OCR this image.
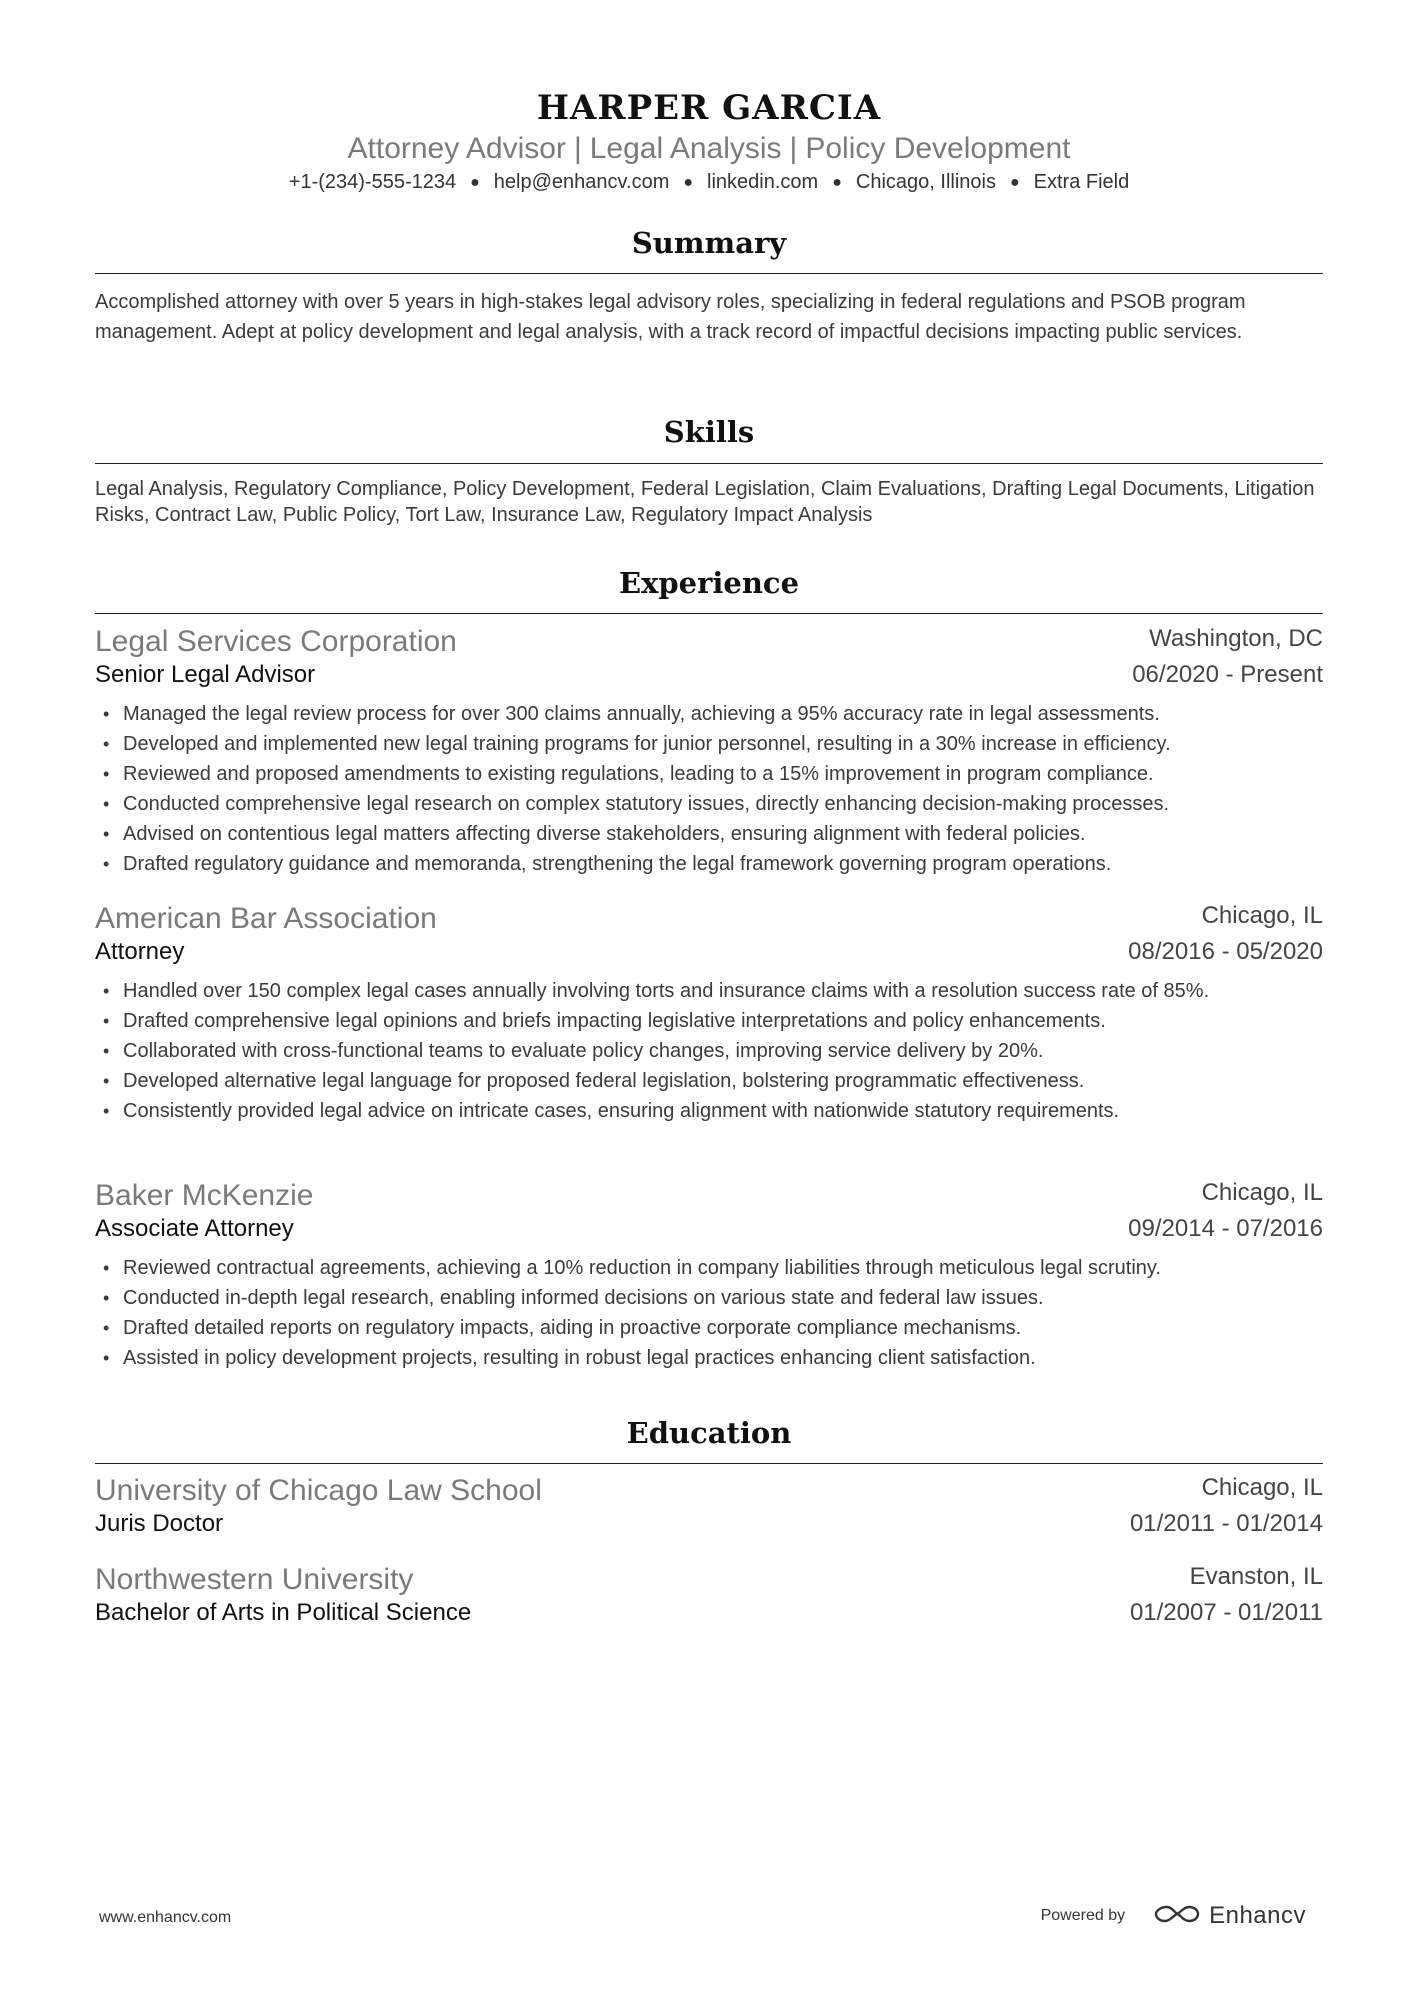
HARPER GARCIA
Attorney Advisor | Legal Analysis | Policy Development
+1-(234)-555-1234 ● help@enhancv.com ● linkedin.com ● Chicago, Illinois ● Extra Field
Summary

Accomplished attorney with over 5 years in high-stakes legal advisory roles, specializing in federal regulations and PSOB program management. Adept at policy development and legal analysis, with a track record of impactful decisions impacting public services.

Skills

Legal Analysis, Regulatory Compliance, Policy Development, Federal Legislation, Claim Evaluations, Drafting Legal Documents, Litigation Risks, Contract Law, Public Policy, Tort Law, Insurance Law, Regulatory Impact Analysis

Experience
Legal Services Corporation	Washington, DC
Senior Legal Advisor	06/2020 - Present
• Managed the legal review process for over 300 claims annually, achieving a 95% accuracy rate in legal assessments.
• Developed and implemented new legal training programs for junior personnel, resulting in a 30% increase in efficiency.
• Reviewed and proposed amendments to existing regulations, leading to a 15% improvement in program compliance.
• Conducted comprehensive legal research on complex statutory issues, directly enhancing decision-making processes.
• Advised on contentious legal matters affecting diverse stakeholders, ensuring alignment with federal policies.
• Drafted regulatory guidance and memoranda, strengthening the legal framework governing program operations.
American Bar Association	Chicago, IL
Attorney	08/2016 - 05/2020
• Handled over 150 complex legal cases annually involving torts and insurance claims with a resolution success rate of 85%.
• Drafted comprehensive legal opinions and briefs impacting legislative interpretations and policy enhancements.
• Collaborated with cross-functional teams to evaluate policy changes, improving service delivery by 20%.
• Developed alternative legal language for proposed federal legislation, bolstering programmatic effectiveness.
• Consistently provided legal advice on intricate cases, ensuring alignment with nationwide statutory requirements.
Baker McKenzie	Chicago, IL
Associate Attorney	09/2014 - 07/2016
• Reviewed contractual agreements, achieving a 10% reduction in company liabilities through meticulous legal scrutiny.
• Conducted in-depth legal research, enabling informed decisions on various state and federal law issues.
• Drafted detailed reports on regulatory impacts, aiding in proactive corporate compliance mechanisms.
• Assisted in policy development projects, resulting in robust legal practices enhancing client satisfaction.
Education
University of Chicago Law School	Chicago, IL
Juris Doctor	01/2011 - 01/2014
Northwestern University	Evanston, IL
Bachelor of Arts in Political Science	01/2007 - 01/2011
www.enhancv.com	Powered by	Enhancv
